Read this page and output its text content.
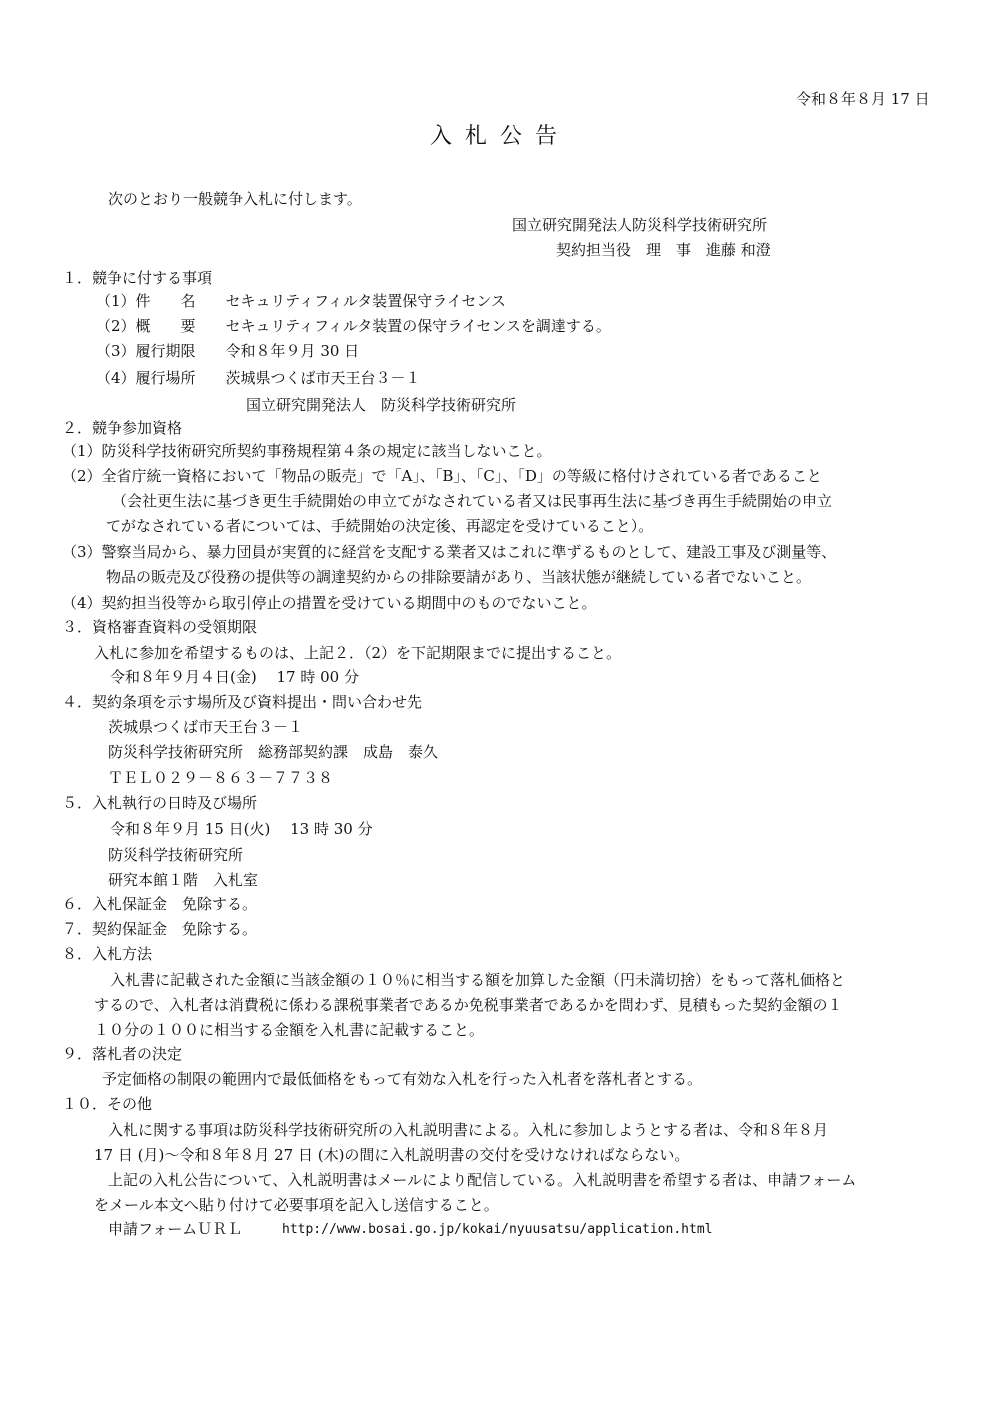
令和８年８月 17 日
入札公告
次のとおり一般競争入札に付します。
国立研究開発法人防災科学技術研究所
契約担当役　理　事　進藤 和澄
１．競争に付する事項
（1）件　　名　　セキュリティフィルタ装置保守ライセンス
（2）概　　要　　セキュリティフィルタ装置の保守ライセンスを調達する。
（3）履行期限　　令和８年９月 30 日
（4）履行場所　　茨城県つくば市天王台３－１
国立研究開発法人　防災科学技術研究所
２．競争参加資格
（1）防災科学技術研究所契約事務規程第４条の規定に該当しないこと。
（2）全省庁統一資格において「物品の販売」で「A」、「B」、「C」、「D」の等級に格付けされている者であること
（会社更生法に基づき更生手続開始の申立てがなされている者又は民事再生法に基づき再生手続開始の申立
てがなされている者については、手続開始の決定後、再認定を受けていること）。
（3）警察当局から、暴力団員が実質的に経営を支配する業者又はこれに準ずるものとして、建設工事及び測量等、
物品の販売及び役務の提供等の調達契約からの排除要請があり、当該状態が継続している者でないこと。
（4）契約担当役等から取引停止の措置を受けている期間中のものでないこと。
３．資格審査資料の受領期限
入札に参加を希望するものは、上記２．（2）を下記期限までに提出すること。
令和８年９月４日(金)　 17 時 00 分
４．契約条項を示す場所及び資料提出・問い合わせ先
茨城県つくば市天王台３－１
防災科学技術研究所　総務部契約課　成島　泰久
ＴＥＬ０２９－８６３－７７３８
５．入札執行の日時及び場所
令和８年９月 15 日(火)　 13 時 30 分
防災科学技術研究所
研究本館１階　入札室
６．入札保証金　免除する。
７．契約保証金　免除する。
８．入札方法
入札書に記載された金額に当該金額の１０％に相当する額を加算した金額（円未満切捨）をもって落札価格と
するので、入札者は消費税に係わる課税事業者であるか免税事業者であるかを問わず、見積もった契約金額の１
１０分の１００に相当する金額を入札書に記載すること。
９．落札者の決定
予定価格の制限の範囲内で最低価格をもって有効な入札を行った入札者を落札者とする。
１０．その他
入札に関する事項は防災科学技術研究所の入札説明書による。入札に参加しようとする者は、令和８年８月
17 日 (月)～令和８年８月 27 日 (木)の間に入札説明書の交付を受けなければならない。
上記の入札公告について、入札説明書はメールにより配信している。入札説明書を希望する者は、申請フォーム
をメール本文へ貼り付けて必要事項を記入し送信すること。
申請フォームＵＲＬ	http://www.bosai.go.jp/kokai/nyuusatsu/application.html
